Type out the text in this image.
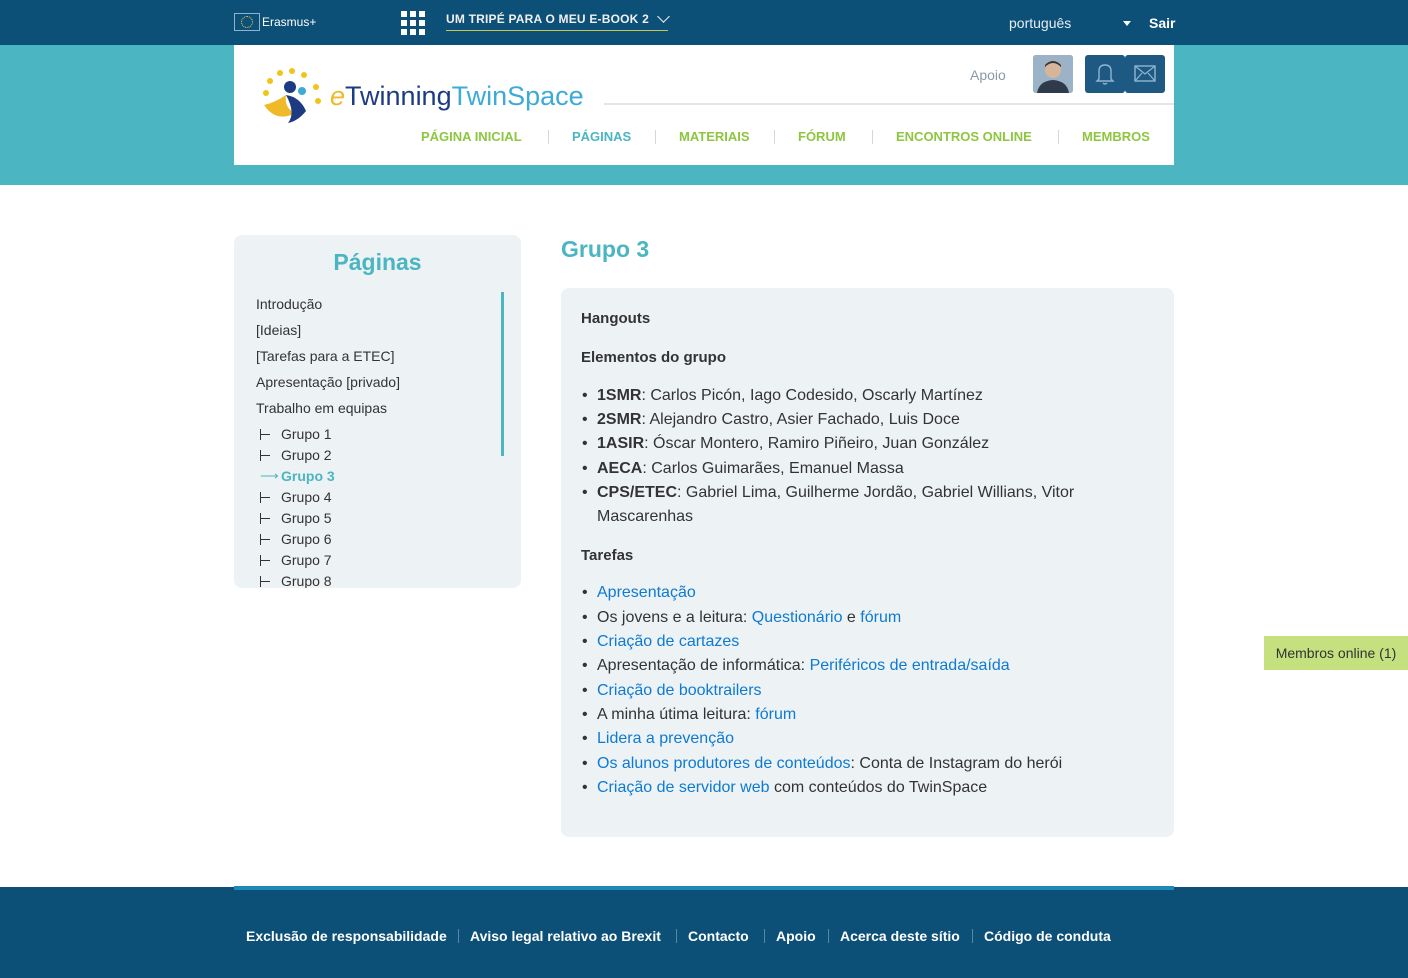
Erasmus+	UM TRIPÉ PARA O MEU E-BOOK 2	português	Sair
eTwinningTwinSpace
Apoio
PÁGINA INICIAL	PÁGINAS	MATERIAIS	FÓRUM	ENCONTROS ONLINE	MEMBROS
Páginas
Introdução
[Ideias]
[Tarefas para a ETEC]
Apresentação [privado]
Trabalho em equipas
Grupo 1
Grupo 2
⟶ Grupo 3
Grupo 4
Grupo 5
Grupo 6
Grupo 7
Grupo 8
Grupo 3
Hangouts
Elementos do grupo
• 1SMR: Carlos Picón, Iago Codesido, Oscarly Martínez
• 2SMR: Alejandro Castro, Asier Fachado, Luis Doce
• 1ASIR: Óscar Montero, Ramiro Piñeiro, Juan González
• AECA: Carlos Guimarães, Emanuel Massa
• CPS/ETEC: Gabriel Lima, Guilherme Jordão, Gabriel Willians, Vitor
Mascarenhas
Tarefas
• Apresentação
• Os jovens e a leitura: Questionário e fórum
• Criação de cartazes
• Apresentação de informática: Periféricos de entrada/saída
• Criação de booktrailers
• A minha útima leitura: fórum
• Lidera a prevenção
• Os alunos produtores de conteúdos: Conta de Instagram do herói
• Criação de servidor web com conteúdos do TwinSpace
Membros online (1)
Exclusão de responsabilidade Aviso legal relativo ao Brexit Contacto Apoio Acerca deste sítio Código de conduta
